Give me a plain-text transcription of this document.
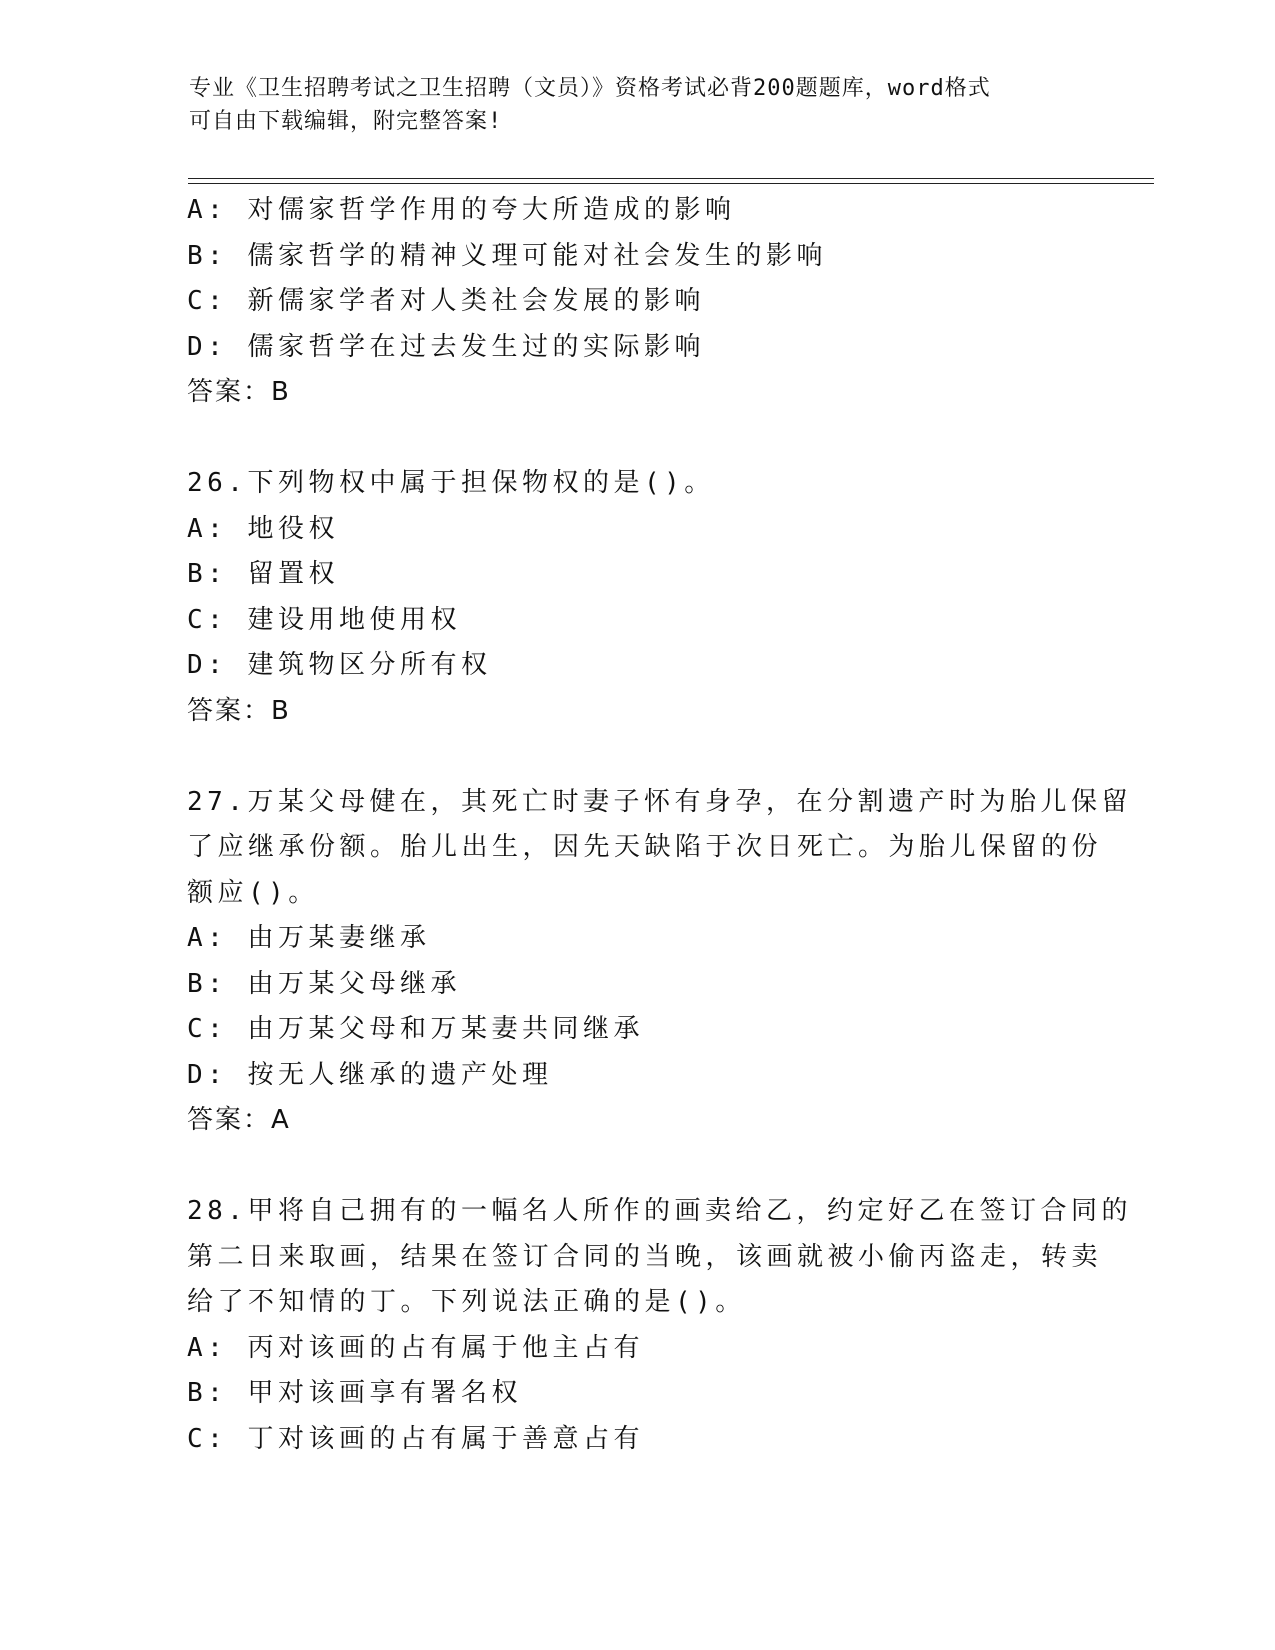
专业《卫生招聘考试之卫生招聘（文员）》资格考试必背200题题库，word格式
可自由下载编辑，附完整答案!
A: 对儒家哲学作用的夸大所造成的影响
B: 儒家哲学的精神义理可能对社会发生的影响
C: 新儒家学者对人类社会发展的影响
D: 儒家哲学在过去发生过的实际影响
答案：B
26.下列物权中属于担保物权的是()。
A: 地役权
B: 留置权
C: 建设用地使用权
D: 建筑物区分所有权
答案：B
27.万某父母健在，其死亡时妻子怀有身孕，在分割遗产时为胎儿保留
了应继承份额。胎儿出生，因先天缺陷于次日死亡。为胎儿保留的份
额应()。
A: 由万某妻继承
B: 由万某父母继承
C: 由万某父母和万某妻共同继承
D: 按无人继承的遗产处理
答案：A
28.甲将自己拥有的一幅名人所作的画卖给乙，约定好乙在签订合同的
第二日来取画，结果在签订合同的当晚，该画就被小偷丙盗走，转卖
给了不知情的丁。下列说法正确的是()。
A: 丙对该画的占有属于他主占有
B: 甲对该画享有署名权
C: 丁对该画的占有属于善意占有
